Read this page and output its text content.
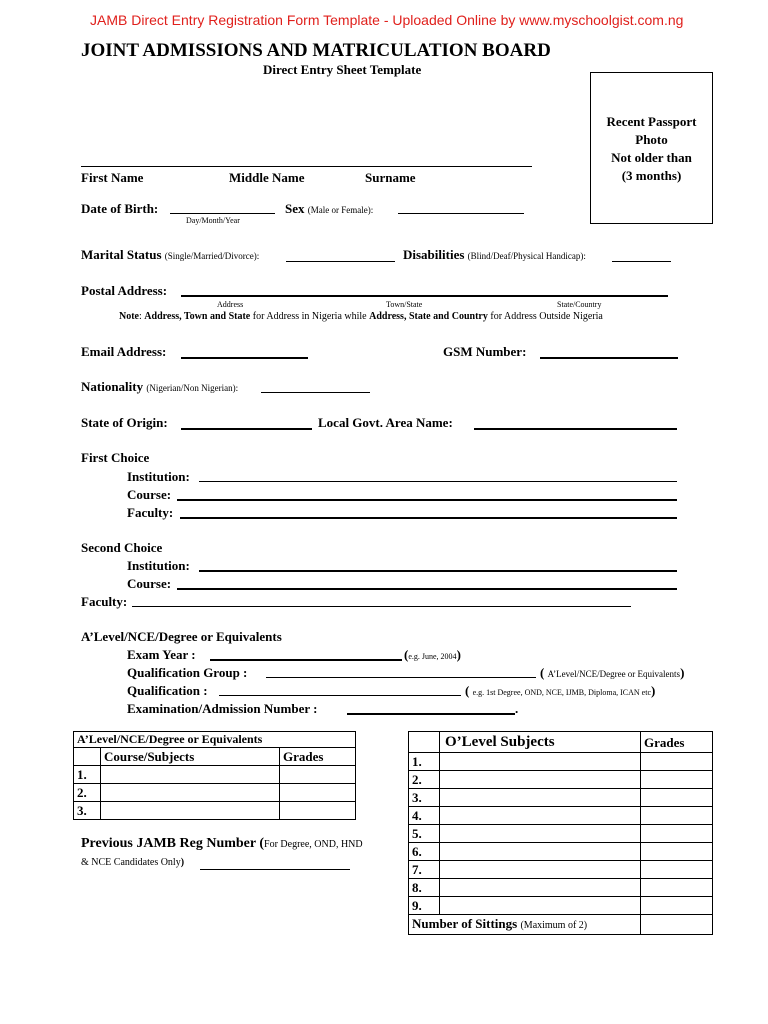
JAMB Direct Entry Registration Form Template - Uploaded Online by www.myschoolgist.com.ng
JOINT ADMISSIONS AND MATRICULATION BOARD
Direct Entry Sheet Template
Recent Passport
Photo
Not older than
(3 months)
First Name	Middle Name	Surname
Date of Birth:
Day/Month/Year
Sex (Male or Female):
Marital Status (Single/Married/Divorce):	Disabilities (Blind/Deaf/Physical Handicap):
Postal Address:
Address	Town/State	State/Country
Note: Address, Town and State for Address in Nigeria while Address, State and Country for Address Outside Nigeria
Email Address:	GSM Number:
Nationality (Nigerian/Non Nigerian):
State of Origin:	Local Govt. Area Name:
First Choice
Institution:
Course:
Faculty:
Second Choice
Institution:
Course:
Faculty:
A’Level/NCE/Degree or Equivalents
Exam Year :	(e.g. June, 2004)
Qualification Group :	( A’Level/NCE/Degree or Equivalents)
Qualification :	( e.g. 1st Degree, OND, NCE, IJMB, Diploma, ICAN etc)
Examination/Admission Number :	.
A’Level/NCE/Degree or Equivalents		
	Course/Subjects	Grades
1.		
2.		
3.		
Previous JAMB Reg Number (For Degree, OND, HND
& NCE Candidates Only)
	O’Level Subjects	Grades
1.		
2.		
3.		
4.		
5.		
6.		
7.		
8.		
9.		
Number of Sittings (Maximum of 2)		
